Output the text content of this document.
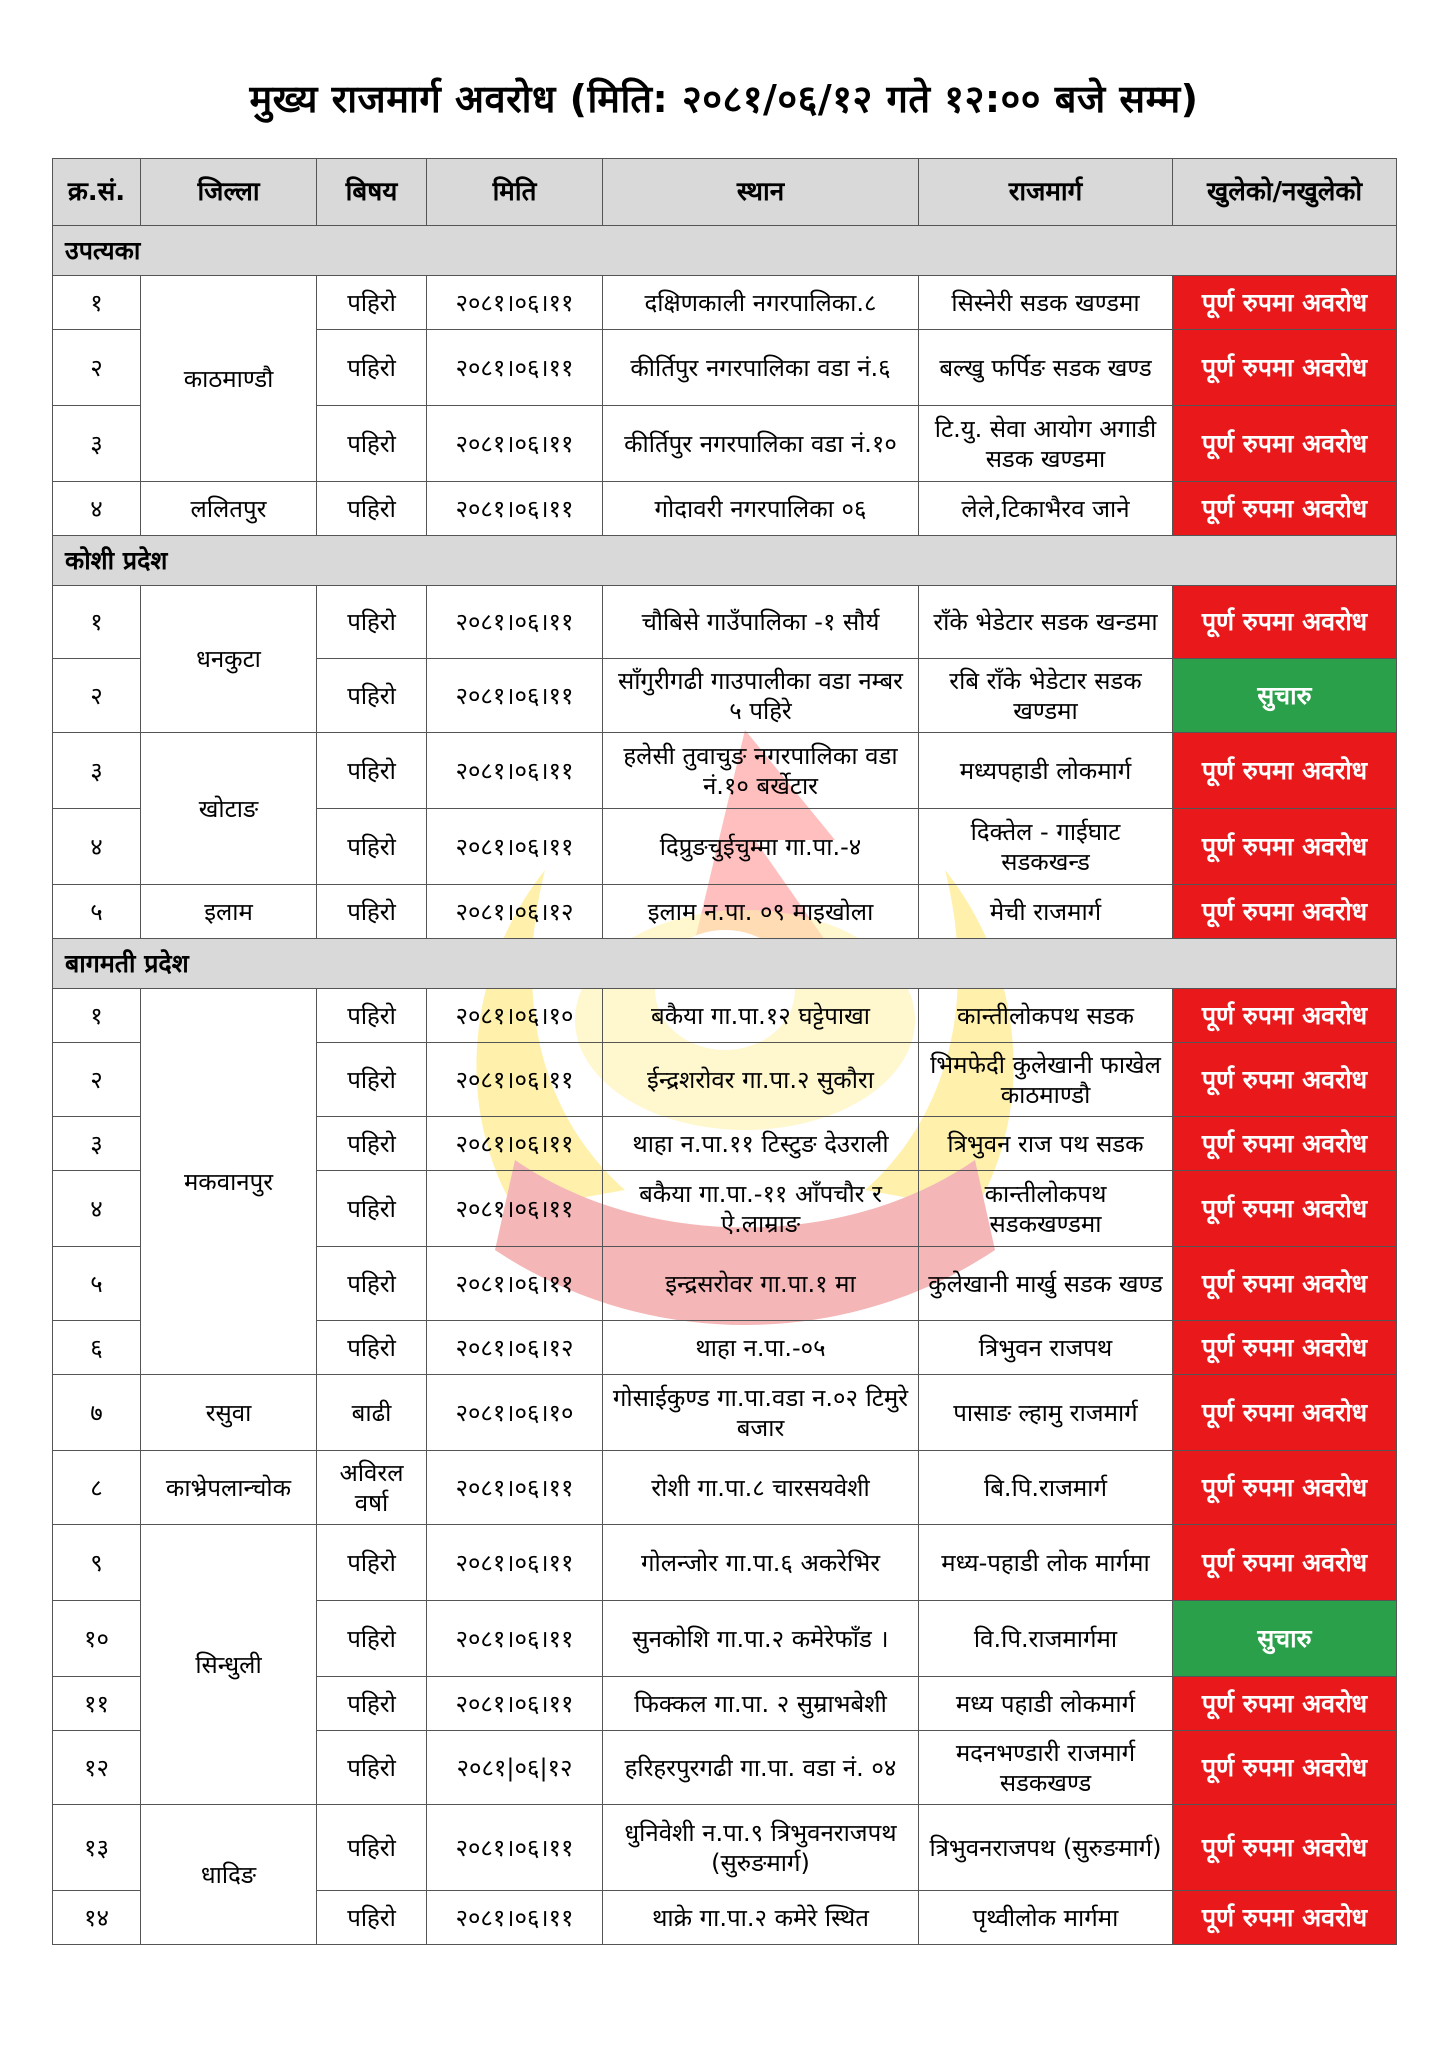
मुख्य राजमार्ग अवरोध (मिति: २०८१/०६/१२ गते १२:०० बजे सम्म)
क्र.सं.	जिल्ला	बिषय	मिति	स्थान	राजमार्ग	खुलेको/नखुलेको
उपत्यका						
१	काठमाण्डौ	पहिरो	२०८१।०६।११	दक्षिणकाली नगरपालिका.८	सिस्नेरी सडक खण्डमा	पूर्ण रुपमा अवरोध
२		पहिरो	२०८१।०६।११	कीर्तिपुर नगरपालिका वडा नं.६	बल्खु फर्पिङ सडक खण्ड	पूर्ण रुपमा अवरोध
३		पहिरो	२०८१।०६।११	कीर्तिपुर नगरपालिका वडा नं.१०	टि.यु. सेवा आयोग अगाडी सडक खण्डमा	पूर्ण रुपमा अवरोध
४	ललितपुर	पहिरो	२०८१।०६।११	गोदावरी नगरपालिका ०६	लेले,टिकाभैरव जाने	पूर्ण रुपमा अवरोध
कोशी प्रदेश						
१	धनकुटा	पहिरो	२०८१।०६।११	चौबिसे गाउँपालिका -१ सौर्य	राँके भेडेटार सडक खन्डमा	पूर्ण रुपमा अवरोध
२		पहिरो	२०८१।०६।११	साँगुरीगढी गाउपालीका वडा नम्बर ५ पहिरे	रबि राँके भेडेटार सडक खण्डमा	सुचारु
३	खोटाङ	पहिरो	२०८१।०६।११	हलेसी तुवाचुङ नगरपालिका वडा नं.१० बर्खेटार	मध्यपहाडी लोकमार्ग	पूर्ण रुपमा अवरोध
४		पहिरो	२०८१।०६।११	दिप्रुङचुईचुम्मा गा.पा.-४	दिक्तेल - गाईघाट सडकखन्ड	पूर्ण रुपमा अवरोध
५	इलाम	पहिरो	२०८१।०६।१२	इलाम न.पा. ०९ माइखोला	मेची राजमार्ग	पूर्ण रुपमा अवरोध
बागमती प्रदेश						
१	मकवानपुर	पहिरो	२०८१।०६।१०	बकैया गा.पा.१२ घट्टेपाखा	कान्तीलोकपथ सडक	पूर्ण रुपमा अवरोध
२		पहिरो	२०८१।०६।११	ईन्द्रशरोवर गा.पा.२ सुकौरा	भिमफेदी कुलेखानी फाखेल काठमाण्डौ	पूर्ण रुपमा अवरोध
३		पहिरो	२०८१।०६।११	थाहा न.पा.११ टिस्टुङ देउराली	त्रिभुवन राज पथ सडक	पूर्ण रुपमा अवरोध
४		पहिरो	२०८१।०६।११	बकैया गा.पा.-११ आँपचौर र ऐ.लाम्राङ	कान्तीलोकपथ सडकखण्डमा	पूर्ण रुपमा अवरोध
५		पहिरो	२०८१।०६।११	इन्द्रसरोवर गा.पा.१ मा	कुलेखानी मार्खु सडक खण्ड	पूर्ण रुपमा अवरोध
६		पहिरो	२०८१।०६।१२	थाहा न.पा.-०५	त्रिभुवन राजपथ	पूर्ण रुपमा अवरोध
७	रसुवा	बाढी	२०८१।०६।१०	गोसाईकुण्ड गा.पा.वडा न.०२ टिमुरे बजार	पासाङ ल्हामु राजमार्ग	पूर्ण रुपमा अवरोध
८	काभ्रेपलान्चोक	अविरल वर्षा	२०८१।०६।११	रोशी गा.पा.८ चारसयवेशी	बि.पि.राजमार्ग	पूर्ण रुपमा अवरोध
९	सिन्धुली	पहिरो	२०८१।०६।११	गोलन्जोर गा.पा.६ अकरेभिर	मध्य-पहाडी लोक मार्गमा	पूर्ण रुपमा अवरोध
१०		पहिरो	२०८१।०६।११	सुनकोशि गा.पा.२ कमेरेफाँड ।	वि.पि.राजमार्गमा	सुचारु
११		पहिरो	२०८१।०६।११	फिक्कल गा.पा. २ सुम्राभबेशी	मध्य पहाडी लोकमार्ग	पूर्ण रुपमा अवरोध
१२		पहिरो	२०८१|०६|१२	हरिहरपुरगढी गा.पा. वडा नं. ०४	मदनभण्डारी राजमार्ग सडकखण्ड	पूर्ण रुपमा अवरोध
१३	धादिङ	पहिरो	२०८१।०६।११	धुनिवेशी न.पा.९ त्रिभुवनराजपथ (सुरुङमार्ग)	त्रिभुवनराजपथ (सुरुङमार्ग)	पूर्ण रुपमा अवरोध
१४		पहिरो	२०८१।०६।११	थाक्रे गा.पा.२ कमेरे स्थित	पृथ्वीलोक मार्गमा	पूर्ण रुपमा अवरोध
